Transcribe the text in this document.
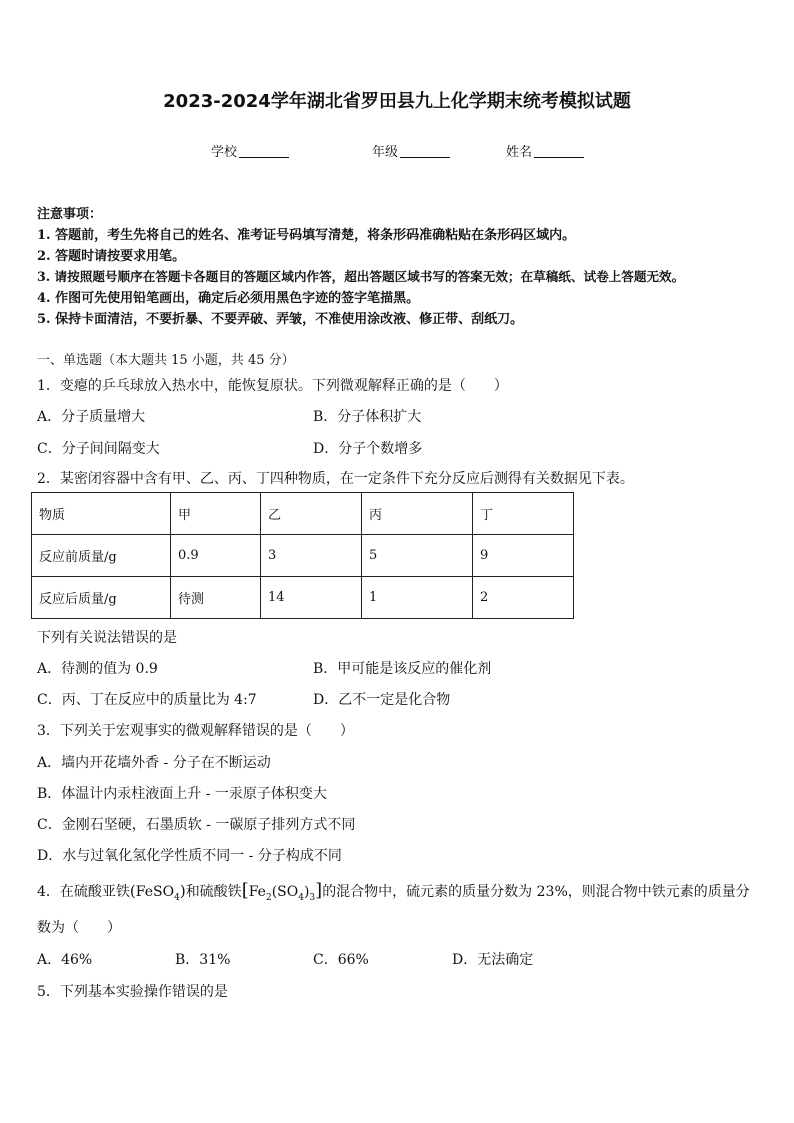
2023-2024学年湖北省罗田县九上化学期末统考模拟试题
学校	年级	姓名
注意事项：
1. 答题前，考生先将自己的姓名、准考证号码填写清楚，将条形码准确粘贴在条形码区域内。
2. 答题时请按要求用笔。
3. 请按照题号顺序在答题卡各题目的答题区域内作答，超出答题区域书写的答案无效；在草稿纸、试卷上答题无效。
4. 作图可先使用铅笔画出，确定后必须用黑色字迹的签字笔描黑。
5. 保持卡面清洁，不要折暴、不要弄破、弄皱，不准使用涂改液、修正带、刮纸刀。
一、单选题（本大题共 15 小题，共 45 分）
1．变瘪的乒乓球放入热水中，能恢复原状。下列微观解释正确的是（　　）
A．分子质量增大	B．分子体积扩大
C．分子间间隔变大	D．分子个数增多
2．某密闭容器中含有甲、乙、丙、丁四种物质，在一定条件下充分反应后测得有关数据见下表。
物质	甲	乙	丙	丁
反应前质量/g	0.9	3	5	9
反应后质量/g	待测	14	1	2
下列有关说法错误的是
A．待测的值为 0.9	B．甲可能是该反应的催化剂
C．丙、丁在反应中的质量比为 4:7	D．乙不一定是化合物
3．下列关于宏观事实的微观解释错误的是（　　）
A．墙内开花墙外香 - 分子在不断运动
B．体温计内汞柱液面上升 - 一汞原子体积变大
C．金刚石坚硬，石墨质软 - 一碳原子排列方式不同
D．水与过氧化氢化学性质不同一 - 分子构成不同
4．在硫酸亚铁(FeSO$_4$)和硫酸铁$[Fe_2(SO_4)_3]$的混合物中，硫元素的质量分数为 23%，则混合物中铁元素的质量分
数为（　　）
A．46%	B．31%	C．66%	D．无法确定
5．下列基本实验操作错误的是
